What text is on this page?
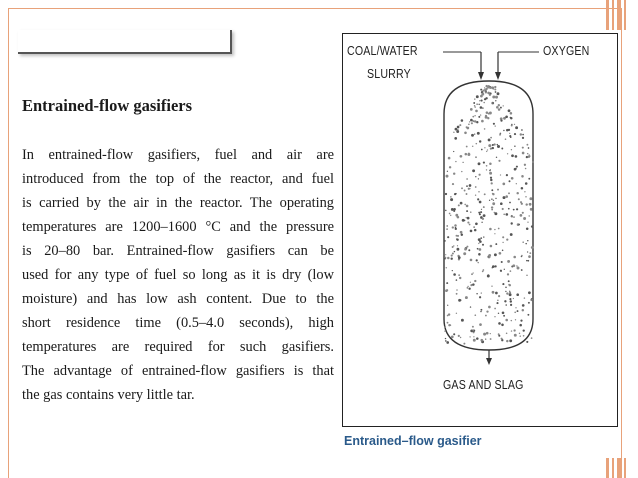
Entrained-flow gasifiers
In entrained-flow gasifiers, fuel and air are
introduced from the top of the reactor, and fuel
is carried by the air in the reactor. The operating
temperatures are 1200–1600 °C and the pressure
is 20–80 bar. Entrained-flow gasifiers can be
used for any type of fuel so long as it is dry (low
moisture) and has low ash content. Due to the
short residence time (0.5–4.0 seconds), high
temperatures are required for such gasifiers.
The advantage of entrained-flow gasifiers is that
the gas contains very little tar.
COAL/WATER
SLURRY
OXYGEN
GAS AND SLAG
Entrained–flow gasifier
